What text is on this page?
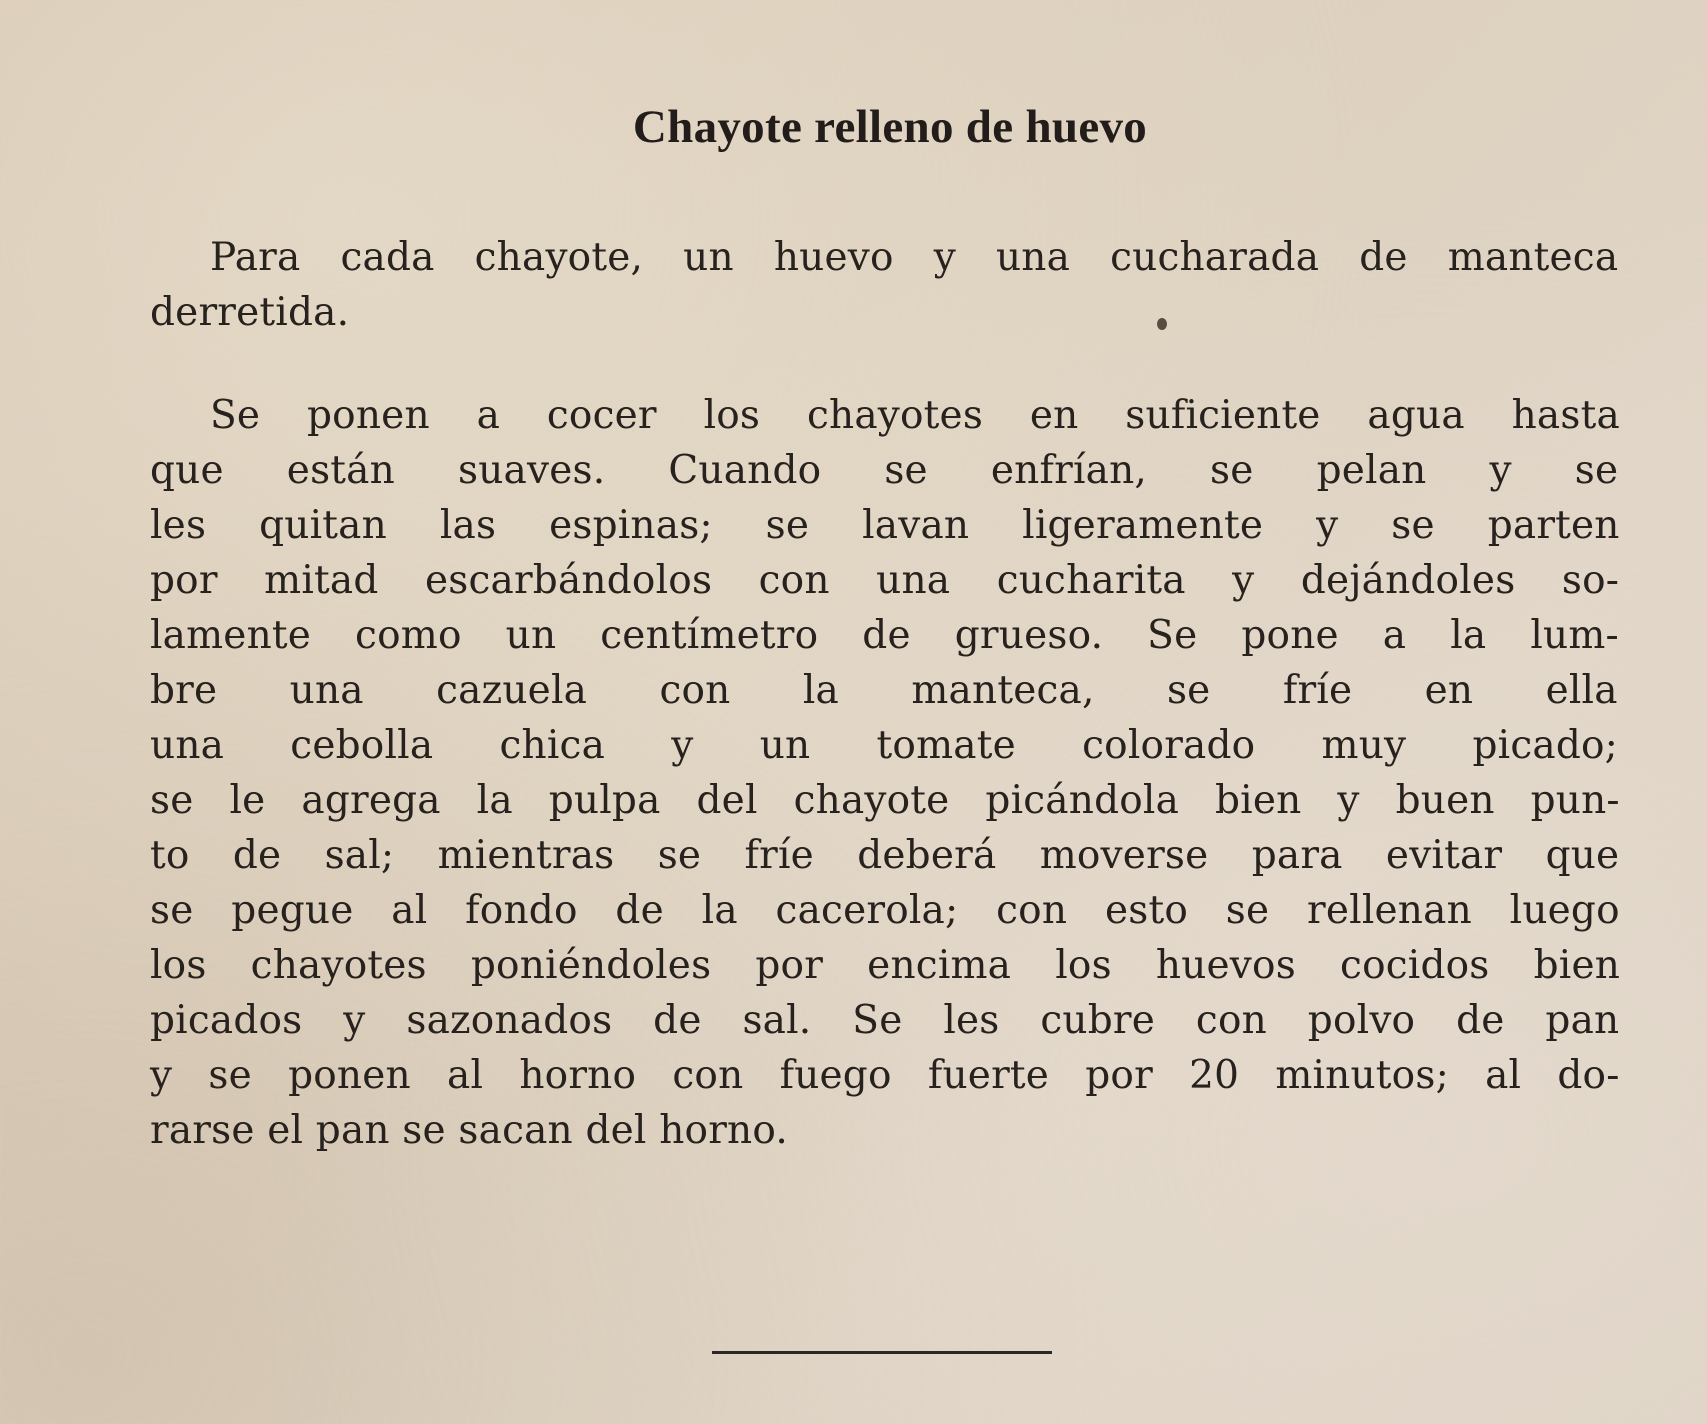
Chayote relleno de huevo
Para cada chayote, un huevo y una cucharada de manteca
derretida.
Se ponen a cocer los chayotes en suficiente agua hasta
que están suaves. Cuando se enfrían, se pelan y se
les quitan las espinas; se lavan ligeramente y se parten
por mitad escarbándolos con una cucharita y dejándoles so-
lamente como un centímetro de grueso. Se pone a la lum-
bre una cazuela con la manteca, se fríe en ella
una cebolla chica y un tomate colorado muy picado;
se le agrega la pulpa del chayote picándola bien y buen pun-
to de sal; mientras se fríe deberá moverse para evitar que
se pegue al fondo de la cacerola; con esto se rellenan luego
los chayotes poniéndoles por encima los huevos cocidos bien
picados y sazonados de sal. Se les cubre con polvo de pan
y se ponen al horno con fuego fuerte por 20 minutos; al do-
rarse el pan se sacan del horno.
